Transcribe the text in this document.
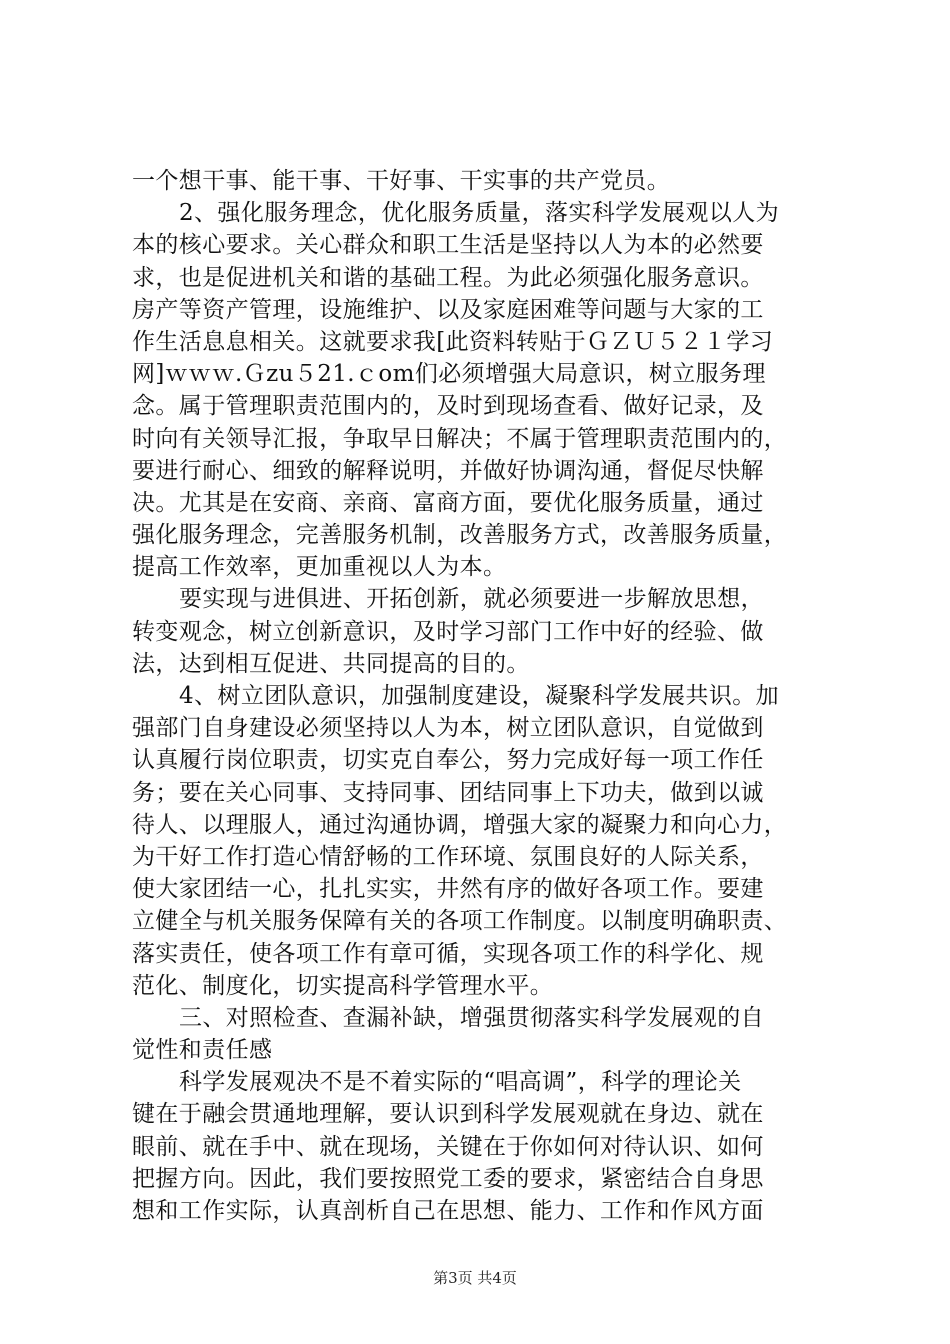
一个想干事、能干事、干好事、干实事的共产党员。
2、强化服务理念，优化服务质量，落实科学发展观以人为
本的核心要求。关心群众和职工生活是坚持以人为本的必然要
求，也是促进机关和谐的基础工程。为此必须强化服务意识。
房产等资产管理，设施维护、以及家庭困难等问题与大家的工
作生活息息相关。这就要求我[此资料转贴于ＧＺＵ５２１学习
网]ｗｗｗ.Ｇzu５21.ｃom们必须增强大局意识，树立服务理
念。属于管理职责范围内的，及时到现场查看、做好记录，及
时向有关领导汇报，争取早日解决；不属于管理职责范围内的，
要进行耐心、细致的解释说明，并做好协调沟通，督促尽快解
决。尤其是在安商、亲商、富商方面，要优化服务质量，通过
强化服务理念，完善服务机制，改善服务方式，改善服务质量，
提高工作效率，更加重视以人为本。
要实现与进俱进、开拓创新，就必须要进一步解放思想，
转变观念，树立创新意识，及时学习部门工作中好的经验、做
法，达到相互促进、共同提高的目的。
4、树立团队意识，加强制度建设，凝聚科学发展共识。加
强部门自身建设必须坚持以人为本，树立团队意识，自觉做到
认真履行岗位职责，切实克自奉公，努力完成好每一项工作任
务；要在关心同事、支持同事、团结同事上下功夫，做到以诚
待人、以理服人，通过沟通协调，增强大家的凝聚力和向心力，
为干好工作打造心情舒畅的工作环境、氛围良好的人际关系，
使大家团结一心，扎扎实实，井然有序的做好各项工作。要建
立健全与机关服务保障有关的各项工作制度。以制度明确职责、
落实责任，使各项工作有章可循，实现各项工作的科学化、规
范化、制度化，切实提高科学管理水平。
三、对照检查、查漏补缺，增强贯彻落实科学发展观的自
觉性和责任感
科学发展观决不是不着实际的“唱高调”，科学的理论关
键在于融会贯通地理解，要认识到科学发展观就在身边、就在
眼前、就在手中、就在现场，关键在于你如何对待认识、如何
把握方向。因此，我们要按照党工委的要求，紧密结合自身思
想和工作实际，认真剖析自己在思想、能力、工作和作风方面
第3页 共4页
